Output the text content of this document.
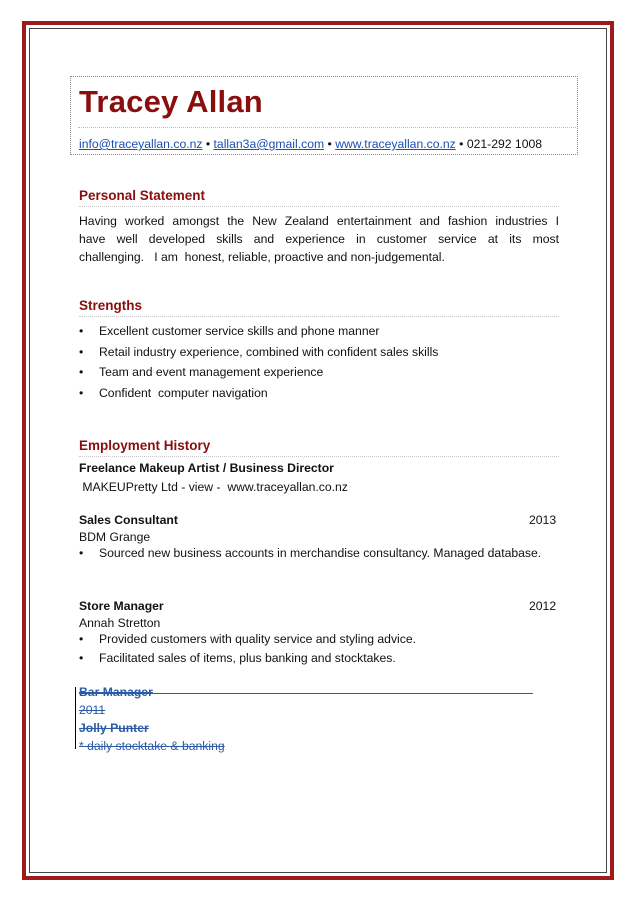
Tracey Allan
info@traceyallan.co.nz • tallan3a@gmail.com • www.traceyallan.co.nz • 021-292 1008
Personal Statement
Having worked amongst the New Zealand entertainment and fashion industries I
have well developed skills and experience in customer service at its most
challenging.   I am  honest, reliable, proactive and non-judgemental.
Strengths
• Excellent customer service skills and phone manner
• Retail industry experience, combined with confident sales skills
• Team and event management experience
• Confident  computer navigation
Employment History
Freelance Makeup Artist / Business Director
MAKEUPretty Ltd - view -  www.traceyallan.co.nz
Sales Consultant	2013
BDM Grange
• Sourced new business accounts in merchandise consultancy. Managed database.
Store Manager	2012
Annah Stretton
• Provided customers with quality service and styling advice.
• Facilitated sales of items, plus banking and stocktakes.
Bar Manager
2011
Jolly Punter
* daily stocktake & banking
